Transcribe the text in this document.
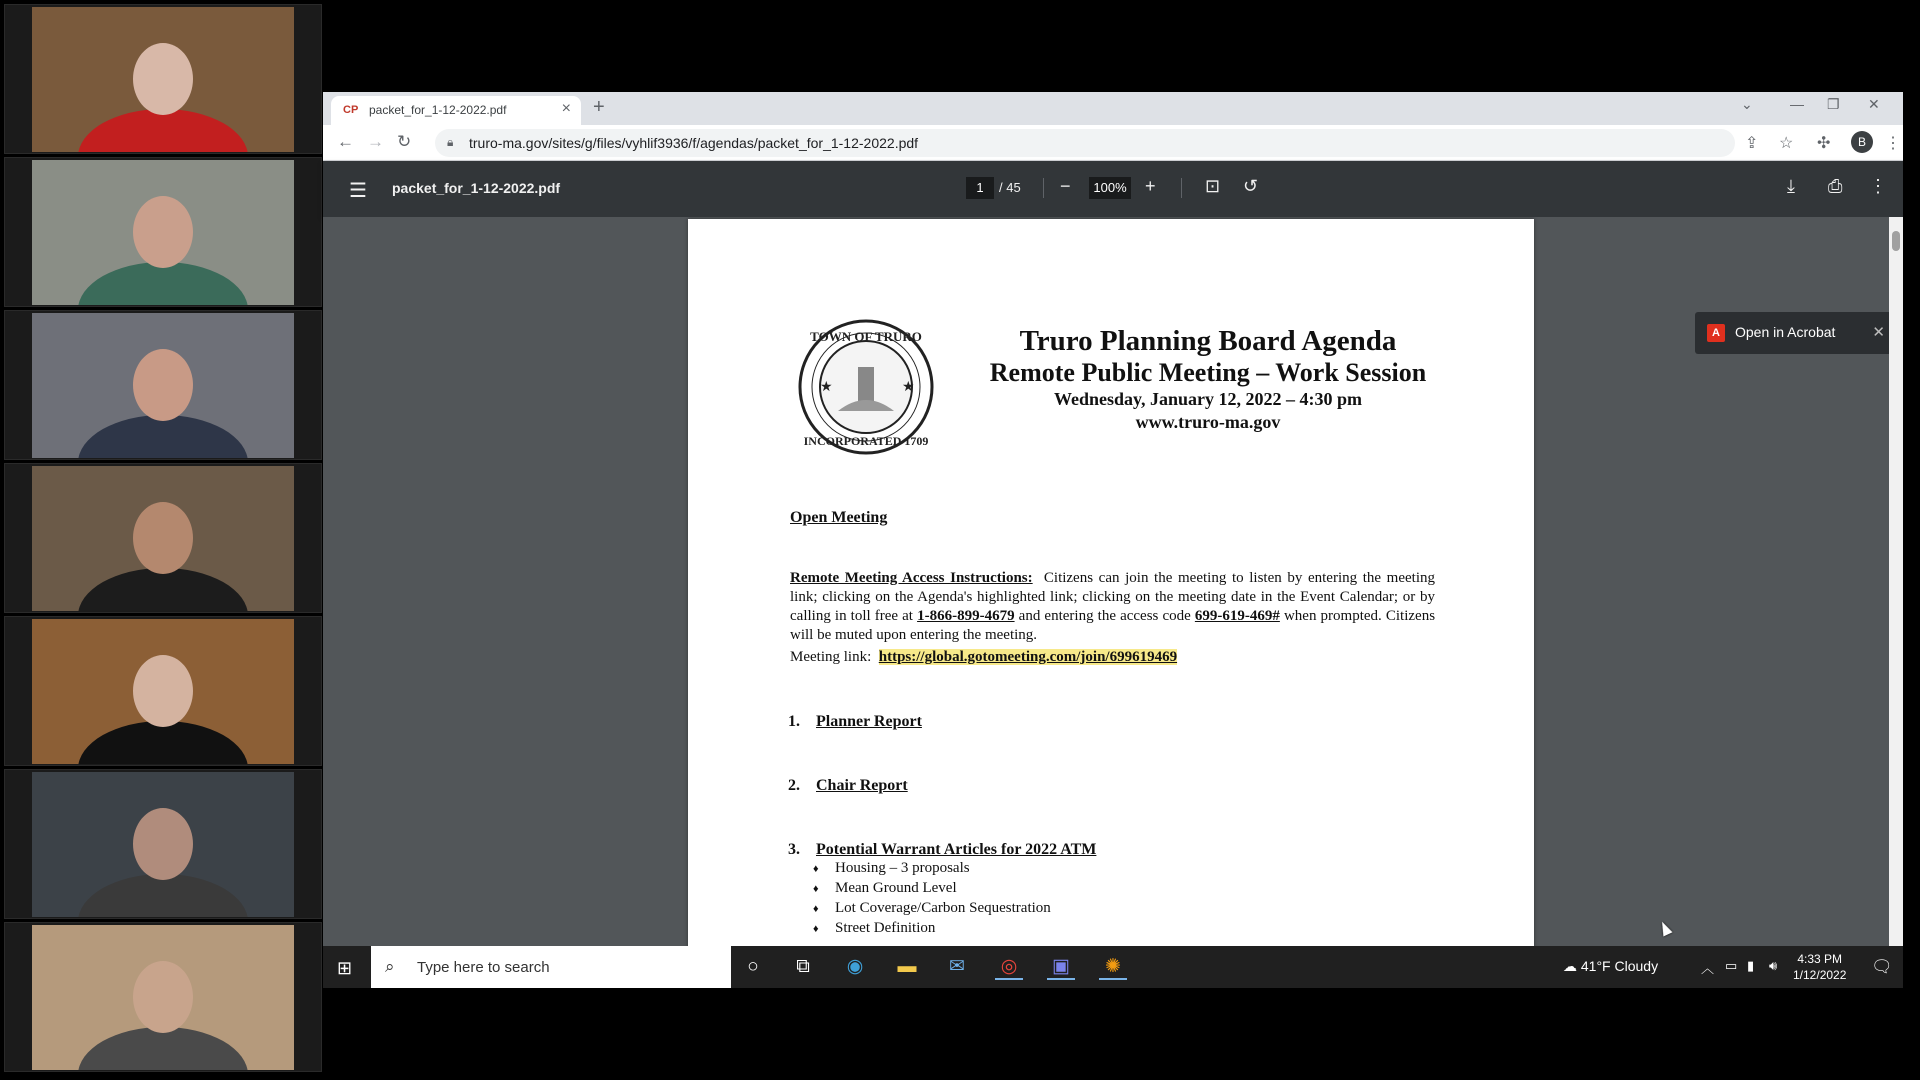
CP packet_for_1-12-2022.pdf	× +	⌄	— ❐ ✕
← → ↻	🔒︎ truro-ma.gov/sites/g/files/vyhlif3936/f/agendas/packet_for_1-12-2022.pdf	⇪ ☆ ✣	B	⋮
☰ packet_for_1-12-2022.pdf	1	/ 45 −	100% +	⊡ ↺	⤓ ⎙ ⋮
TOWN OF TRURO
INCORPORATED 1709
★	★
Truro Planning Board Agenda
Remote Public Meeting – Work Session
Wednesday, January 12, 2022 – 4:30 pm
www.truro-ma.gov
Open Meeting
Remote Meeting Access Instructions: Citizens can join the meeting to listen by entering the meeting link; clicking on the Agenda's highlighted link; clicking on the meeting date in the Event Calendar; or by calling in toll free at 1-866-899-4679 and entering the access code 699-619-469# when prompted. Citizens will be muted upon entering the meeting.
Meeting link: https://global.gotomeeting.com/join/699619469
1. Planner Report
2. Chair Report
3. Potential Warrant Articles for 2022 ATM
♦ Housing – 3 proposals
♦ Mean Ground Level
♦ Lot Coverage/Carbon Sequestration
♦ Street Definition
A	Open in Acrobat ✕
⊞ ⌕ Type here to search	○	⧉	◉	▬	✉	◎	▣	✺	☁ 41°F Cloudy	︿ ▭ ▮ 🔊︎	4:33 PM
1/12/2022 🗨︎
